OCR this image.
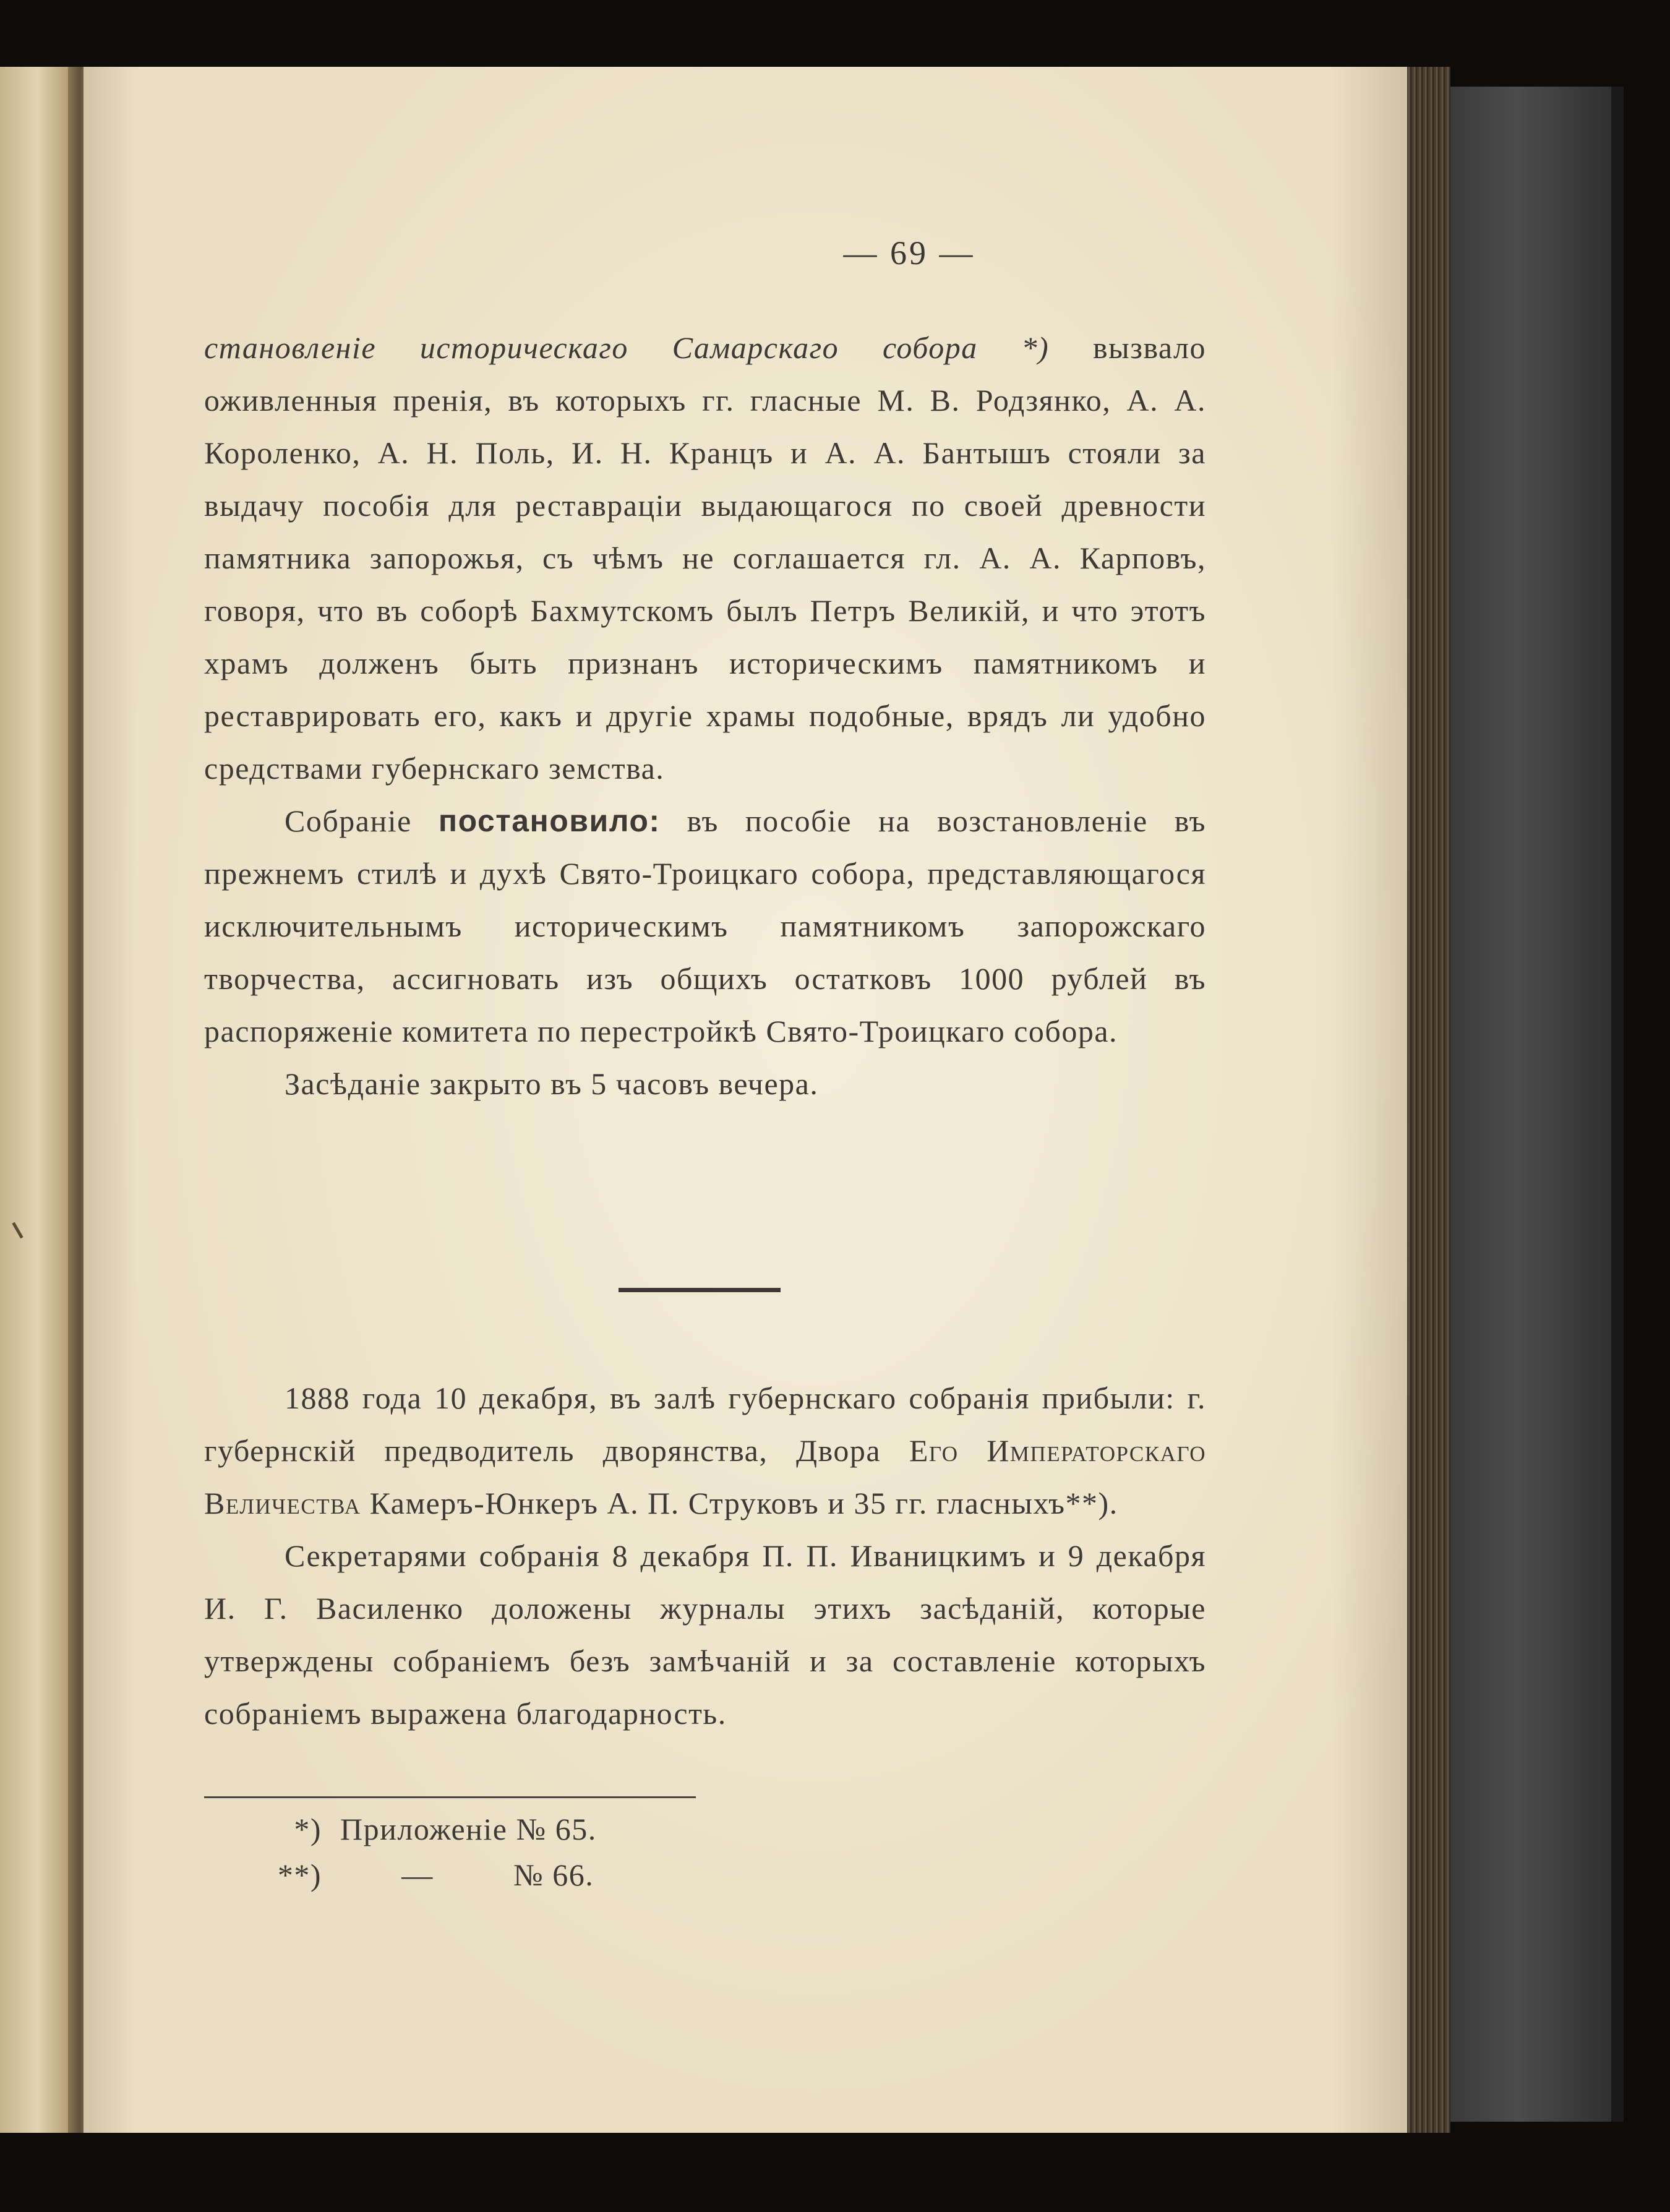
— 69 —

становленіе историческаго Самарскаго собора *) вызвало оживленныя пренія, въ которыхъ гг. гласные М. В. Родзянко, А. А. Короленко, А. Н. Поль, И. Н. Кранцъ и А. А. Бантышъ стояли за выдачу пособія для реставраціи выдающагося по своей древности памятника запорожья, съ чѣмъ не соглашается гл. А. А. Карповъ, говоря, что въ соборѣ Бахмутскомъ былъ Петръ Великій, и что этотъ храмъ долженъ быть признанъ историческимъ памятникомъ и реставрировать его, какъ и другіе храмы подобные, врядъ ли удобно средствами губернскаго земства.

Собраніе постановило: въ пособіе на возстановленіе въ прежнемъ стилѣ и духѣ Свято-Троицкаго собора, представляющагося исключительнымъ историческимъ памятникомъ запорожскаго творчества, ассигновать изъ общихъ остатковъ 1000 рублей въ распоряженіе комитета по перестройкѣ Свято-Троицкаго собора.

Засѣданіе закрыто въ 5 часовъ вечера.

1888 года 10 декабря, въ залѣ губернскаго собранія прибыли: г. губернскій предводитель дворянства, Двора Его Императорскаго Величества Камеръ-Юнкеръ А. П. Струковъ и 35 гг. гласныхъ**).

Секретарями собранія 8 декабря П. П. Иваницкимъ и 9 декабря И. Г. Василенко доложены журналы этихъ засѣданій, которые утверждены собраніемъ безъ замѣчаній и за составленіе которыхъ собраніемъ выражена благодарность.

*) Приложеніе № 65.
**)	—	№ 66.
